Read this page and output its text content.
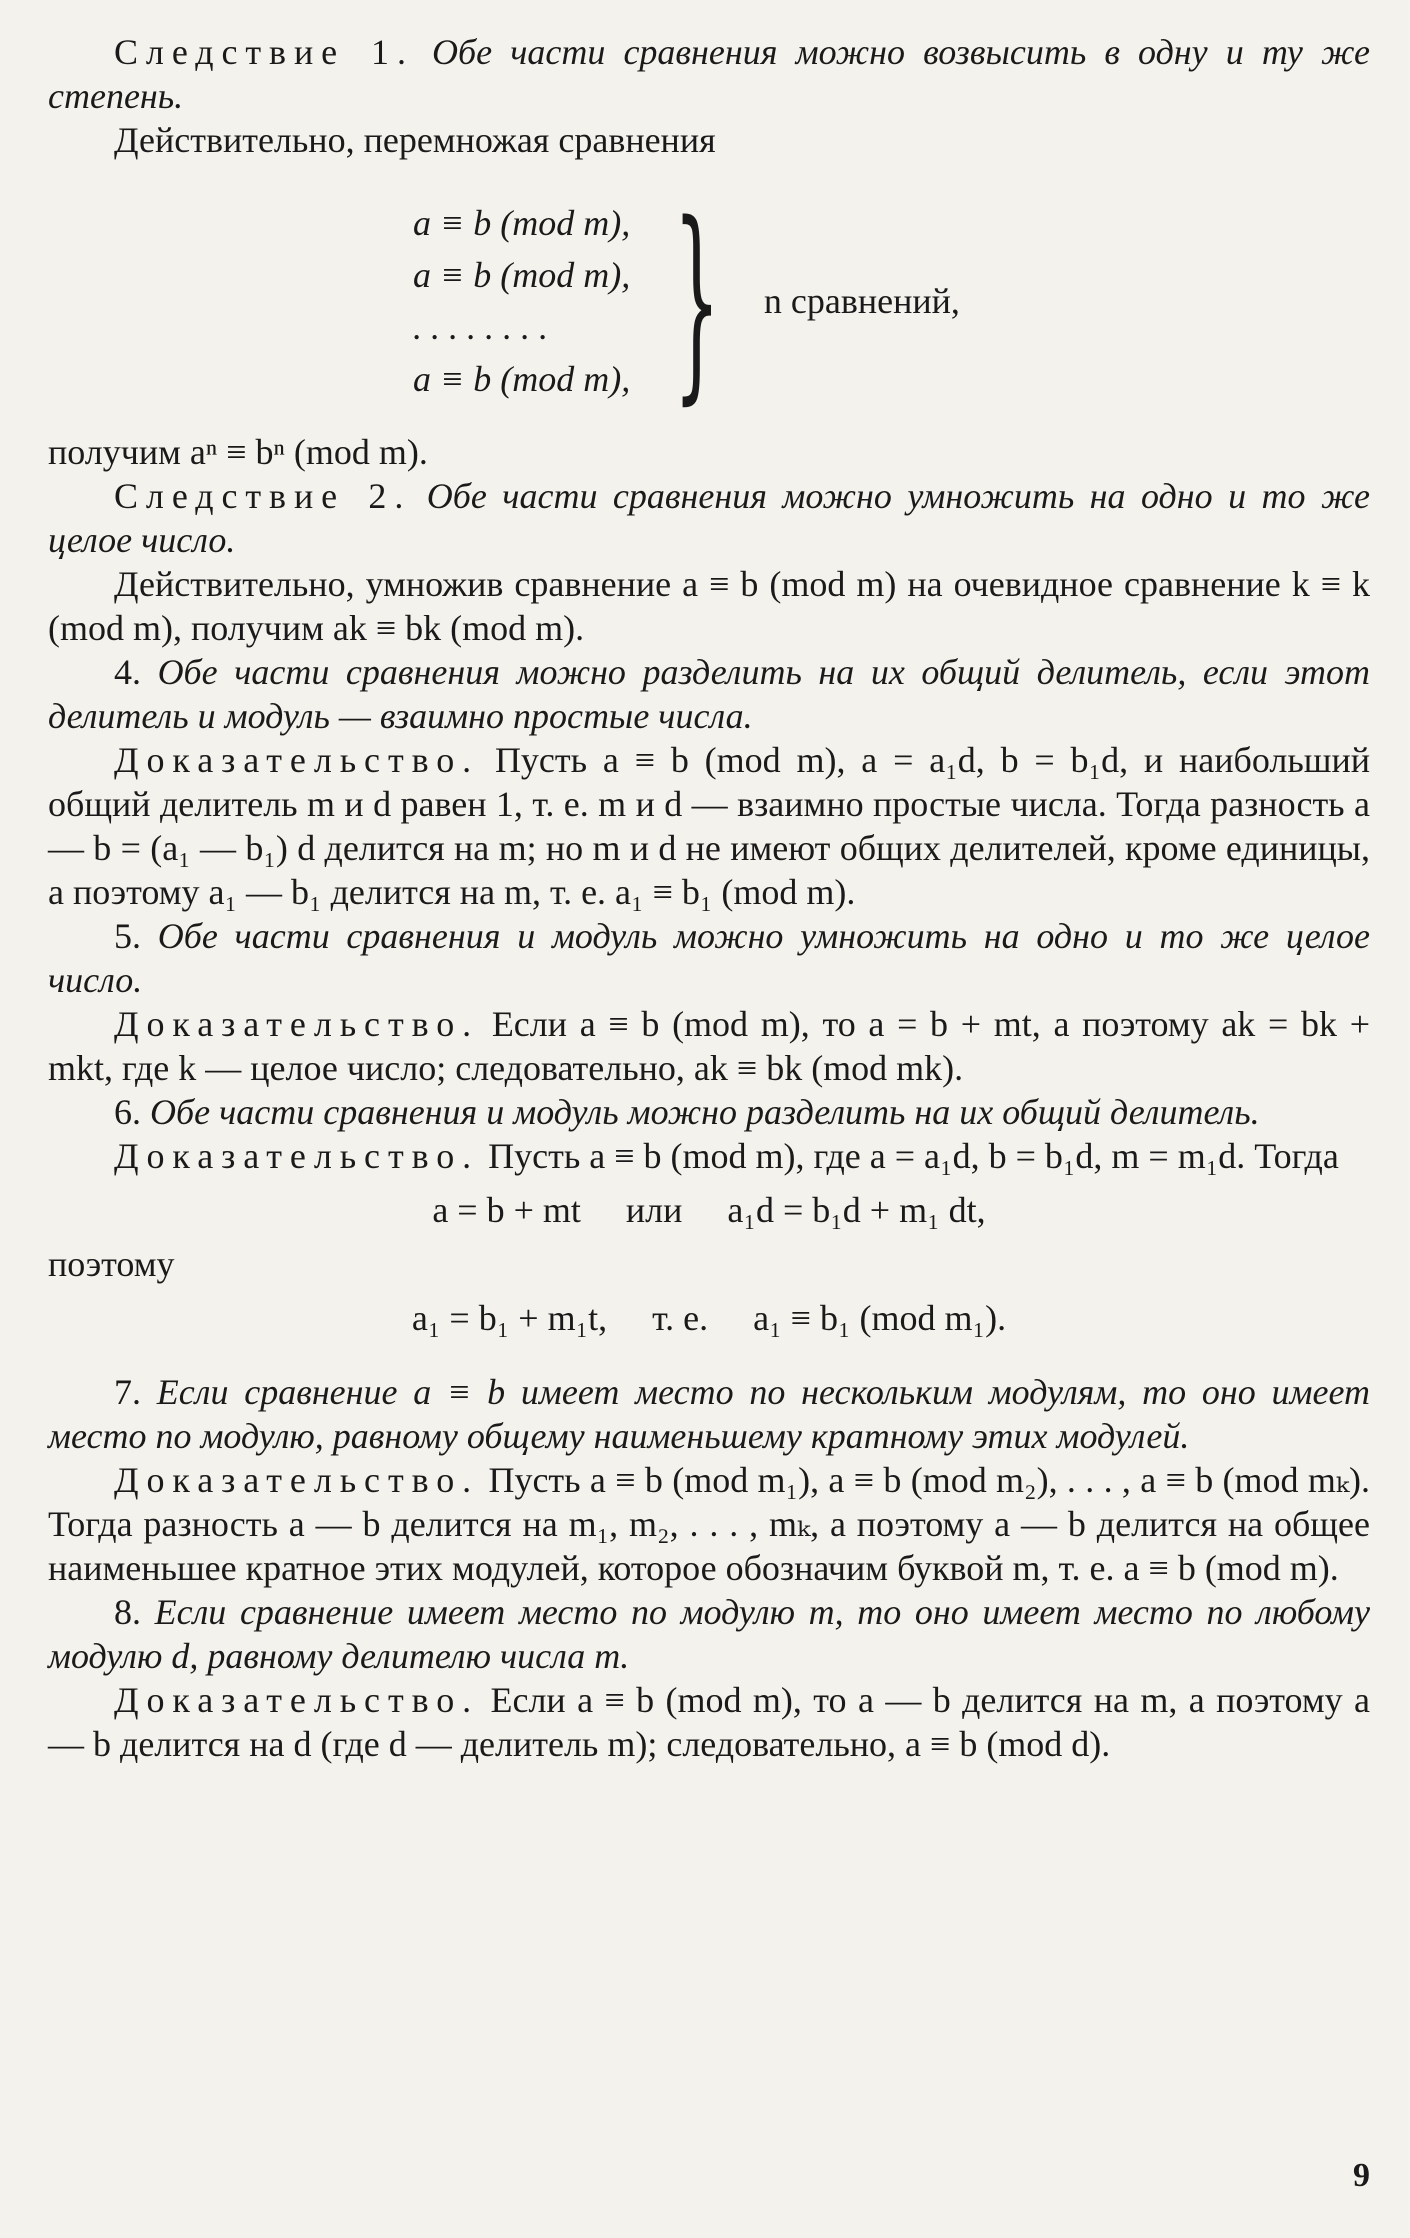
Следствие 1. Обе части сравнения можно возвысить в одну и ту же степень.

Действительно, перемножая сравнения

a ≡ b (mod m),
a ≡ b (mod m),
. . . . . . . .
a ≡ b (mod m), } n сравнений,

получим aⁿ ≡ bⁿ (mod m).

Следствие 2. Обе части сравнения можно умножить на одно и то же целое число.

Действительно, умножив сравнение a ≡ b (mod m) на очевидное сравнение k ≡ k (mod m), получим ak ≡ bk (mod m).

4. Обе части сравнения можно разделить на их общий делитель, если этот делитель и модуль — взаимно простые числа.

Доказательство. Пусть a ≡ b (mod m), a = a₁d, b = b₁d, и наибольший общий делитель m и d равен 1, т. е. m и d — взаимно простые числа. Тогда разность a — b = (a₁ — b₁) d делится на m; но m и d не имеют общих делителей, кроме единицы, а поэтому a₁ — b₁ делится на m, т. е. a₁ ≡ b₁ (mod m).

5. Обе части сравнения и модуль можно умножить на одно и то же целое число.

Доказательство. Если a ≡ b (mod m), то a = b + mt, а поэтому ak = bk + mkt, где k — целое число; следовательно, ak ≡ bk (mod mk).

6. Обе части сравнения и модуль можно разделить на их общий делитель.

Доказательство. Пусть a ≡ b (mod m), где a = a₁d, b = b₁d, m = m₁d. Тогда

a = b + mt     или     a₁d = b₁d + m₁ dt,

поэтому

a₁ = b₁ + m₁t,     т. е.     a₁ ≡ b₁ (mod m₁).

7. Если сравнение a ≡ b имеет место по нескольким модулям, то оно имеет место по модулю, равному общему наименьшему кратному этих модулей.

Доказательство. Пусть a ≡ b (mod m₁), a ≡ b (mod m₂), . . . , a ≡ b (mod mₖ). Тогда разность a — b делится на m₁, m₂, . . . , mₖ, а поэтому a — b делится на общее наименьшее кратное этих модулей, которое обозначим буквой m, т. е. a ≡ b (mod m).

8. Если сравнение имеет место по модулю m, то оно имеет место по любому модулю d, равному делителю числа m.

Доказательство. Если a ≡ b (mod m), то a — b делится на m, а поэтому a — b делится на d (где d — делитель m); следовательно, a ≡ b (mod d).

9
